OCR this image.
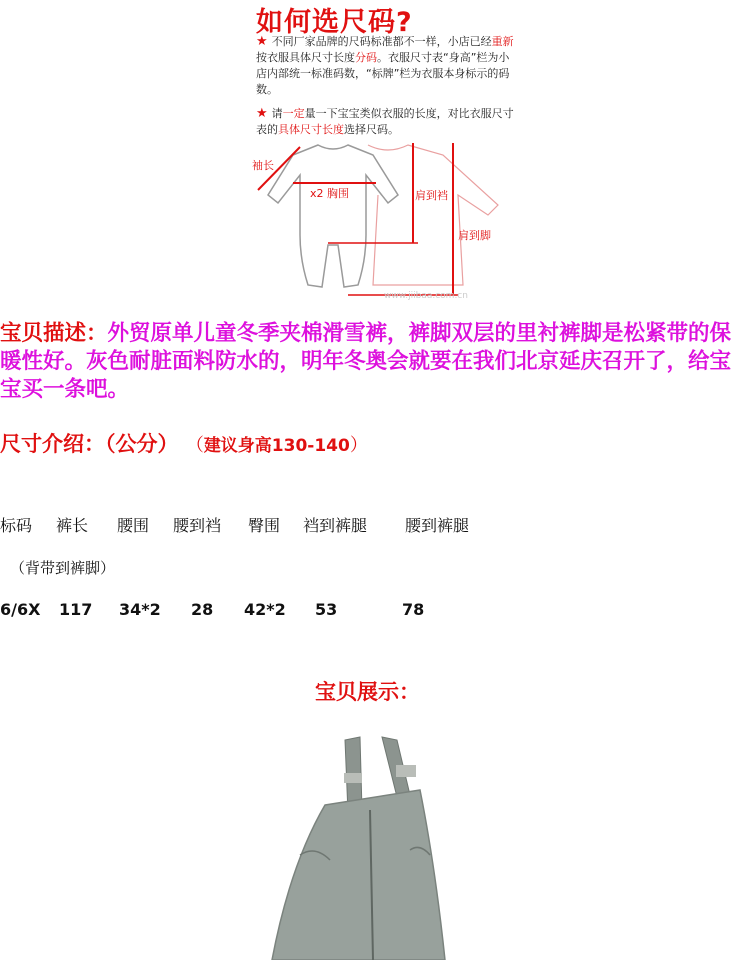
如何选尺码?
★ 不同厂家品牌的尺码标准都不一样，小店已经重新按衣服具体尺寸长度分码。衣服尺寸表“身高”栏为小店内部统一标准码数，“标牌”栏为衣服本身标示的码数。
★ 请一定量一下宝宝类似衣服的长度，对比衣服尺寸表的具体尺寸长度选择尺码。
袖长
x2 胸围	肩到裆
肩到脚
www.jiibaa.com.cn
宝贝描述：外贸原单儿童冬季夹棉滑雪裤，裤脚双层的里衬裤脚是松紧带的保暖性好。灰色耐脏面料防水的，明年冬奥会就要在我们北京延庆召开了，给宝宝买一条吧。
尺寸介绍：（公分） （建议身高130-140）
标码 裤长 腰围 腰到裆 臀围 裆到裤腿 腰到裤腿
（背带到裤脚）
6/6X 117 34*2 28 42*2 53	78
宝贝展示：
